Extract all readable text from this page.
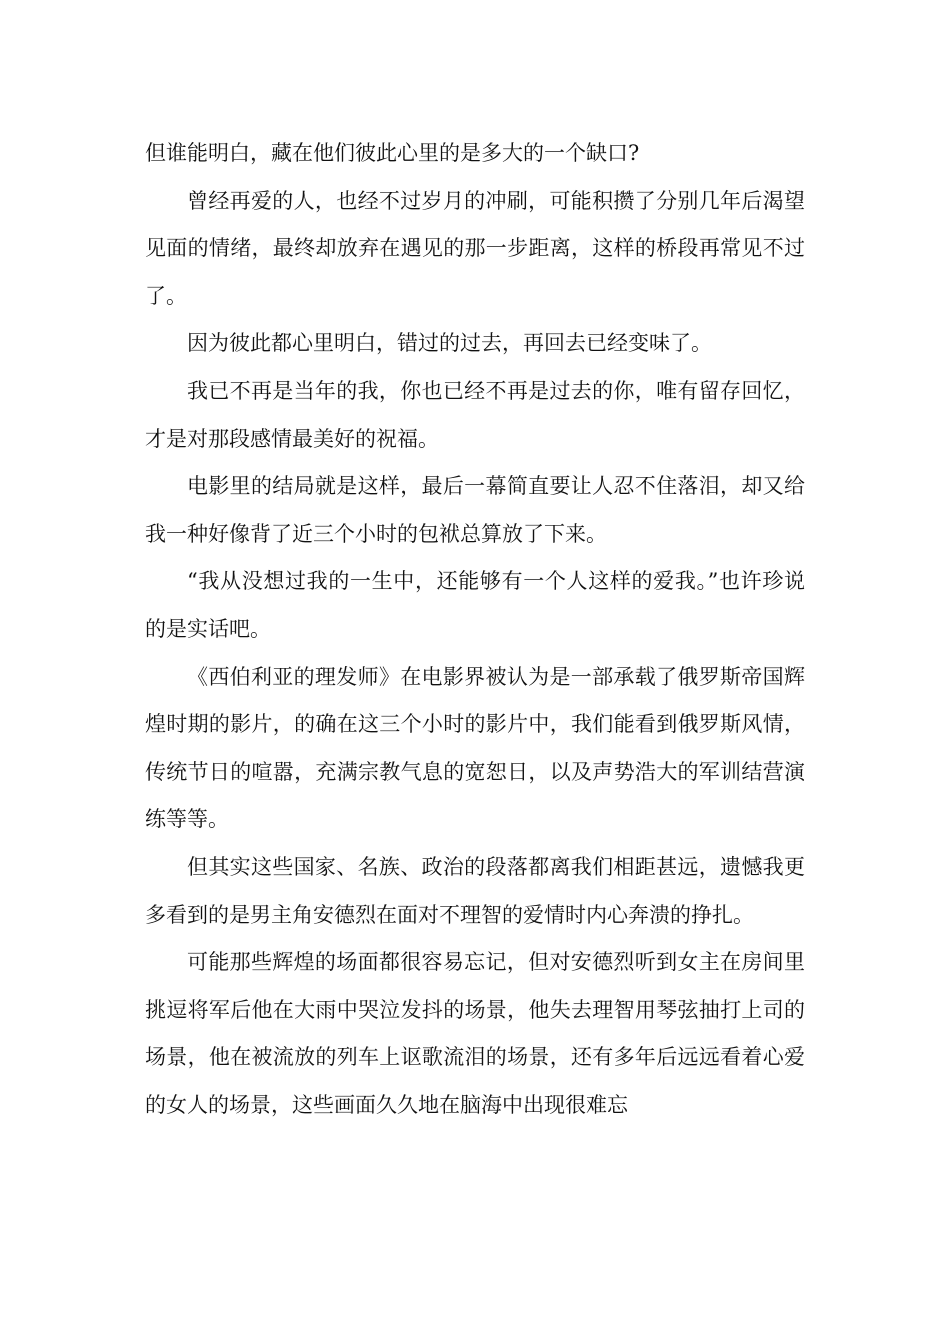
但谁能明白，藏在他们彼此心里的是多大的一个缺口?

曾经再爱的人，也经不过岁月的冲刷，可能积攒了分别几年后渴望见面的情绪，最终却放弃在遇见的那一步距离，这样的桥段再常见不过了。

因为彼此都心里明白，错过的过去，再回去已经变味了。

我已不再是当年的我，你也已经不再是过去的你，唯有留存回忆，才是对那段感情最美好的祝福。

电影里的结局就是这样，最后一幕简直要让人忍不住落泪，却又给我一种好像背了近三个小时的包袱总算放了下来。

“我从没想过我的一生中，还能够有一个人这样的爱我。”也许珍说的是实话吧。

《西伯利亚的理发师》在电影界被认为是一部承载了俄罗斯帝国辉煌时期的影片，的确在这三个小时的影片中，我们能看到俄罗斯风情，传统节日的喧嚣，充满宗教气息的宽恕日，以及声势浩大的军训结营演练等等。

但其实这些国家、名族、政治的段落都离我们相距甚远，遗憾我更多看到的是男主角安德烈在面对不理智的爱情时内心奔溃的挣扎。

可能那些辉煌的场面都很容易忘记，但对安德烈听到女主在房间里挑逗将军后他在大雨中哭泣发抖的场景，他失去理智用琴弦抽打上司的场景，他在被流放的列车上讴歌流泪的场景，还有多年后远远看着心爱的女人的场景，这些画面久久地在脑海中出现很难忘
